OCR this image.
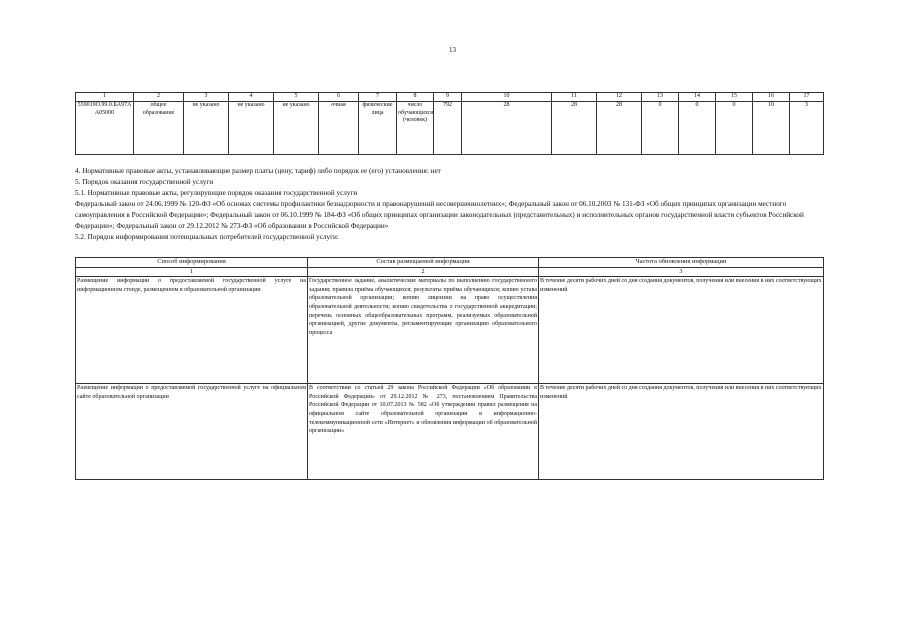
13
1	2	3	4	5	6	7	8	9	10	11	12	13	14	15	16	17
559019О.99.0.БА97АА05000	общее образование	не указано	не указано	не указано	очная	физические лица	число обучающихся (человек)	792	28	28	28	0	0	0	10	3
4. Нормативные правовые акты, устанавливающие размер платы (цену, тариф) либо порядок ее (его) установления: нет
5. Порядок оказания государственной услуги
5.1. Нормативные правовые акты, регулирующие порядок оказания государственной услуги
Федеральный закон от 24.06.1999 № 120-ФЗ «Об основах системы профилактики безнадзорности и правонарушений несовершеннолетних»; Федеральный закон от 06.10.2003 № 131-ФЗ «Об общих принципах организации местного самоуправления в Российской Федерации»; Федеральный закон от 06.10.1999 № 184-ФЗ «Об общих принципах организации законодательных (представительных) и исполнительных органов государственной власти субъектов Российской Федерации»; Федеральный закон от 29.12.2012 № 273-ФЗ «Об образовании в Российской Федерации»
5.2. Порядок информирования потенциальных потребителей государственной услуги:
Способ информирования	Состав размещаемой информации	Частота обновления информации
1	2	3
Размещение информации о предоставляемой государственной услуге на информационном стенде, размещенном в образовательной организации	Государственное задание, аналитические материалы по выполнению государственного задания; правила приёма обучающихся; результаты приёма обучающихся; копию устава образовательной организации; копию лицензии на право осуществления образовательной деятельности; копию свидетельства о государственной аккредитации; перечень основных общеобразовательных программ, реализуемых образовательной организацией, другие документы, регламентирующие организацию образовательного процесса	В течение десяти рабочих дней со дня создания документов, получения или внесения в них соответствующих изменений
Размещение информации о предоставляемой государственной услуге на официальном сайте образовательной организации	В соответствии со статьей 29 закона Российской Федерации «Об образовании в Российской Федерации» от 29.12.2012 № 273, постановлением Правительства Российской Федерации от 10.07.2013 № 582 «Об утверждении правил размещения на официальном сайте образовательной организации в информационно-телекоммуникационной сети «Интернет» и обновления информации об образовательной организации»	В течение десяти рабочих дней со дня создания документов, получения или внесения в них соответствующих изменений
